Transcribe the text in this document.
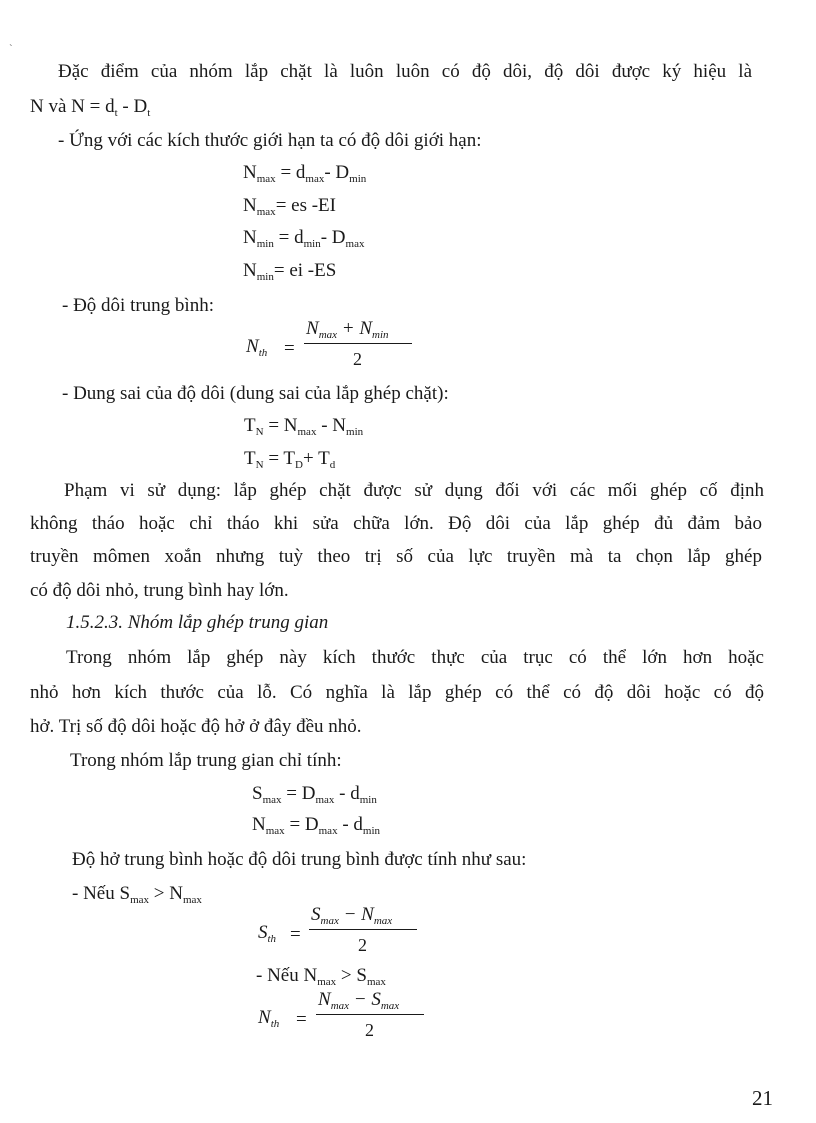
`
Đặc điểm của nhóm lắp chặt là luôn luôn có độ dôi, độ dôi được ký hiệu là
N và $N = d_t - D_t$
- Ứng với các kích thước giới hạn ta có độ dôi giới hạn:
$N_{max} = d_{max}-$ $D_{min}$
$N_{max}=$ es -EI
$N_{min} = d_{min}-$ $D_{max}$
$N_{min}=$ ei -ES
- Độ dôi trung bình:
$N_{th}$ =
$N_{max} + N_{min}$
2
- Dung sai của độ dôi (dung sai của lắp ghép chặt):
$T_N = N_{max} - N_{min}$
$T_N = T_D+ T_d$
Phạm vi sử dụng: lắp ghép chặt được sử dụng đối với các mối ghép cố định
không tháo hoặc chỉ tháo khi sửa chữa lớn. Độ dôi của lắp ghép đủ đảm bảo
truyền mômen xoắn nhưng tuỳ theo trị số của lực truyền mà ta chọn lắp ghép
có độ dôi nhỏ, trung bình hay lớn.
1.5.2.3. Nhóm lắp ghép trung gian
Trong nhóm lắp ghép này kích thước thực của trục có thể lớn hơn hoặc
nhỏ hơn kích thước của lỗ. Có nghĩa là lắp ghép có thể có độ dôi hoặc có độ
hở. Trị số độ dôi hoặc độ hở ở đây đều nhỏ.
Trong nhóm lắp trung gian chỉ tính:
$S_{max} = D_{max} - d_{min}$
$N_{max} = D_{max} - d_{min}$
Độ hở trung bình hoặc độ dôi trung bình được tính như sau:
- Nếu $S_{max} > N_{max}$
$S_{th}$ =
$S_{max} - N_{max}$
2
- Nếu $N_{max} > S_{max}$
$N_{th}$ =
$N_{max} - S_{max}$
2
21
